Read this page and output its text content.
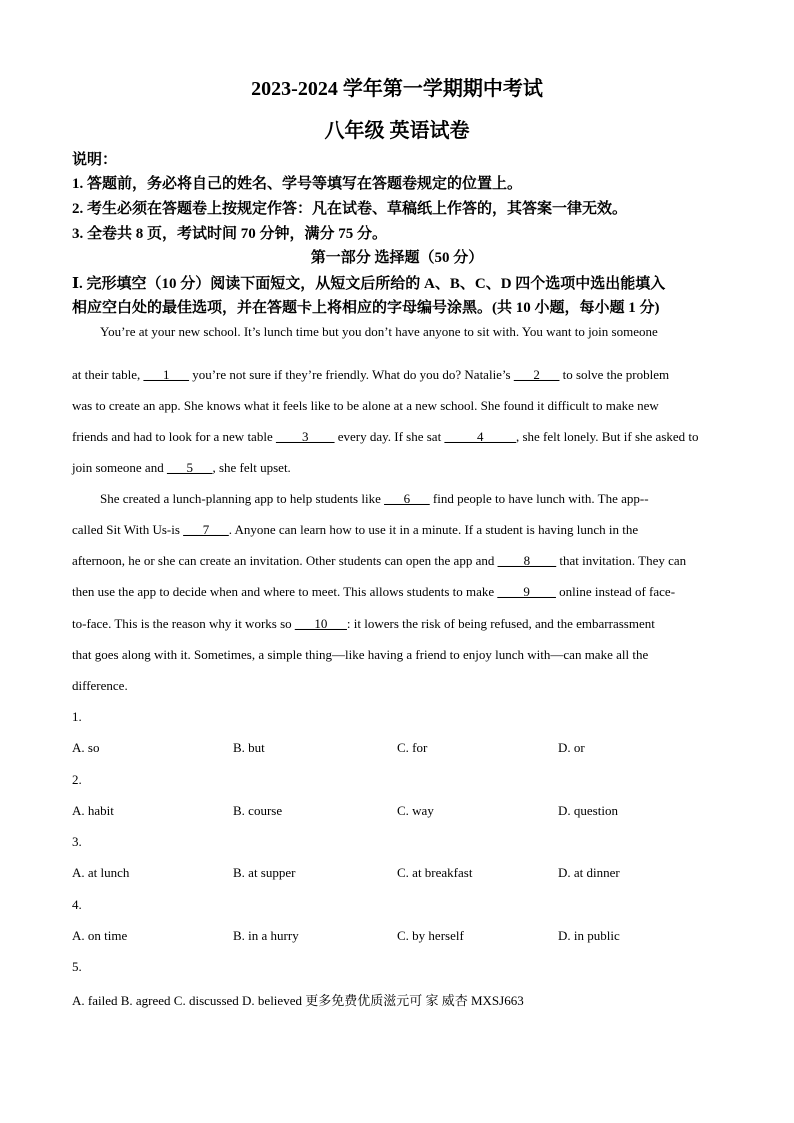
2023-2024 学年第一学期期中考试
八年级 英语试卷
说明：
1. 答题前，务必将自己的姓名、学号等填写在答题卷规定的位置上。
2. 考生必须在答题卷上按规定作答：凡在试卷、草稿纸上作答的，其答案一律无效。
3. 全卷共 8 页，考试时间 70 分钟，满分 75 分。
第一部分 选择题（50 分）
Ⅰ. 完形填空（10 分）阅读下面短文，从短文后所给的 A、B、C、D 四个选项中选出能填入
相应空白处的最佳选项，并在答题卡上将相应的字母编号涂黑。(共 10 小题，每小题 1 分)
You’re at your new school. It’s lunch time but you don’t have anyone to sit with. You want to join someone
at their table, ___1___ you’re not sure if they’re friendly. What do you do? Natalie’s ___2___ to solve the problem
was to create an app. She knows what it feels like to be alone at a new school. She found it difficult to make new
friends and had to look for a new table ____3____ every day. If she sat _____4_____, she felt lonely. But if she asked to
join someone and ___5___, she felt upset.
She created a lunch-planning app to help students like ___6___ find people to have lunch with. The app--
called Sit With Us-is ___7___. Anyone can learn how to use it in a minute. If a student is having lunch in the
afternoon, he or she can create an invitation. Other students can open the app and ____8____ that invitation. They can
then use the app to decide when and where to meet. This allows students to make ____9____ online instead of face-
to-face. This is the reason why it works so ___10___: it lowers the risk of being refused, and the embarrassment
that goes along with it. Sometimes, a simple thing—like having a friend to enjoy lunch with—can make all the
difference.
1.
A. so	B. but	C. for	D. or
2.
A. habit	B. course	C. way	D. question
3.
A. at lunch	B. at supper	C. at breakfast	D. at dinner
4.
A. on time	B. in a hurry	C. by herself	D. in public
5.
A. failed B. agreed C. discussed D. believed 更多免费优质滋元可 家 威杏 MXSJ663
